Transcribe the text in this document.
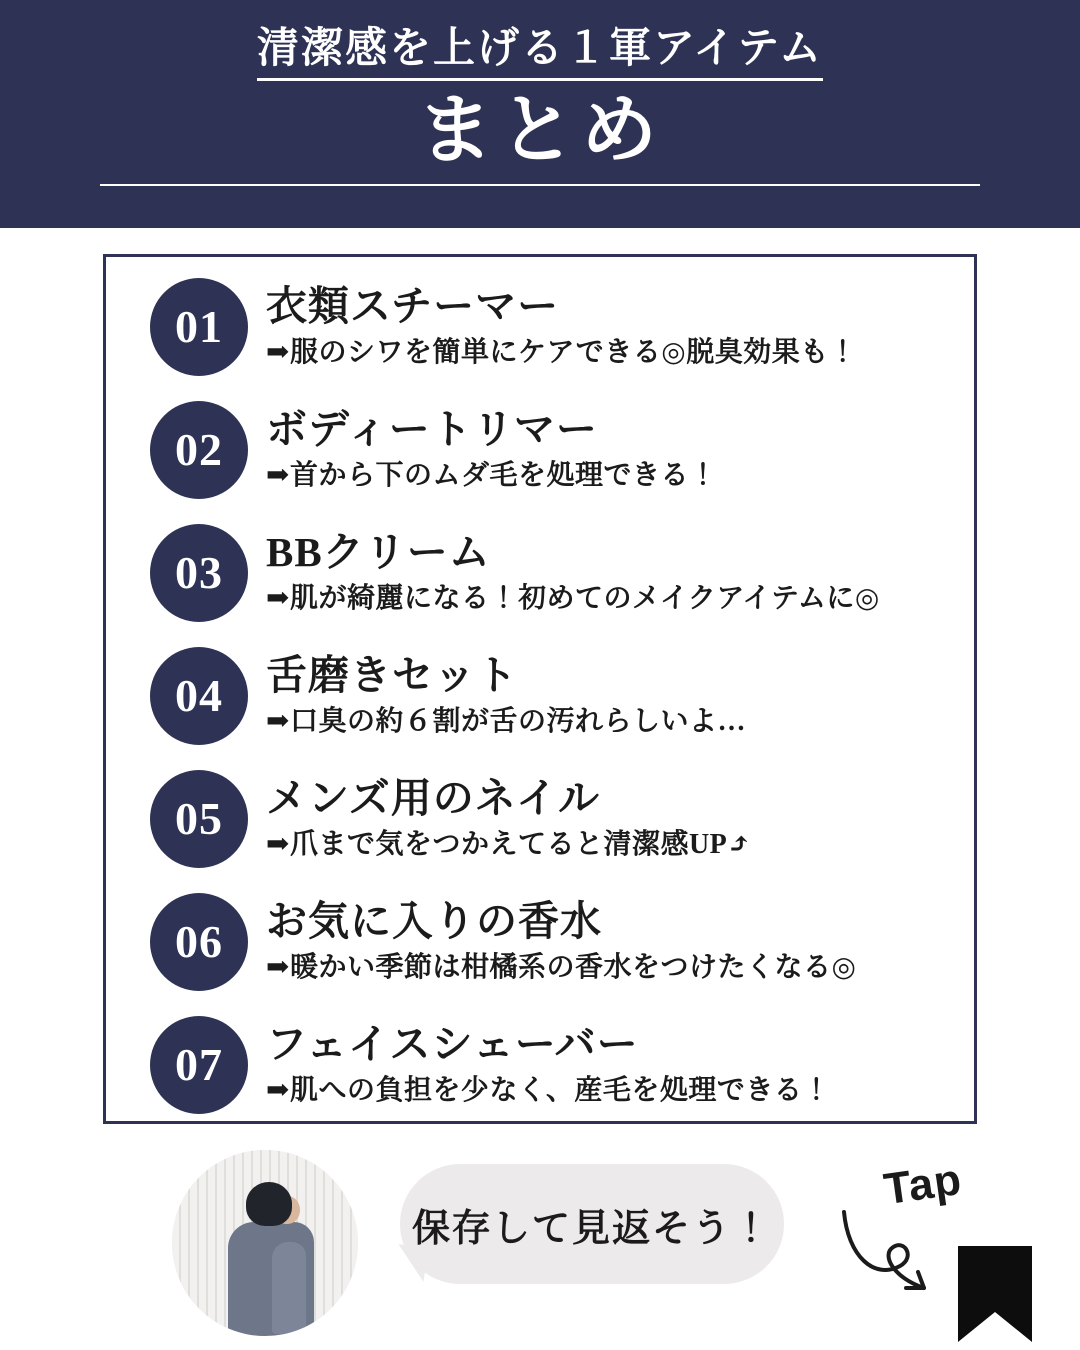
清潔感を上げる１軍アイテム
まとめ
01	衣類スチーマー
➡服のシワを簡単にケアできる◎脱臭効果も！
02	ボディートリマー
➡首から下のムダ毛を処理できる！
03	BBクリーム
➡肌が綺麗になる！初めてのメイクアイテムに◎
04	舌磨きセット
➡口臭の約６割が舌の汚れらしいよ…
05	メンズ用のネイル
➡爪まで気をつかえてると清潔感UP⤴
06	お気に入りの香水
➡暖かい季節は柑橘系の香水をつけたくなる◎
07	フェイスシェーバー
➡肌への負担を少なく、産毛を処理できる！
保存して見返そう！
Tap
